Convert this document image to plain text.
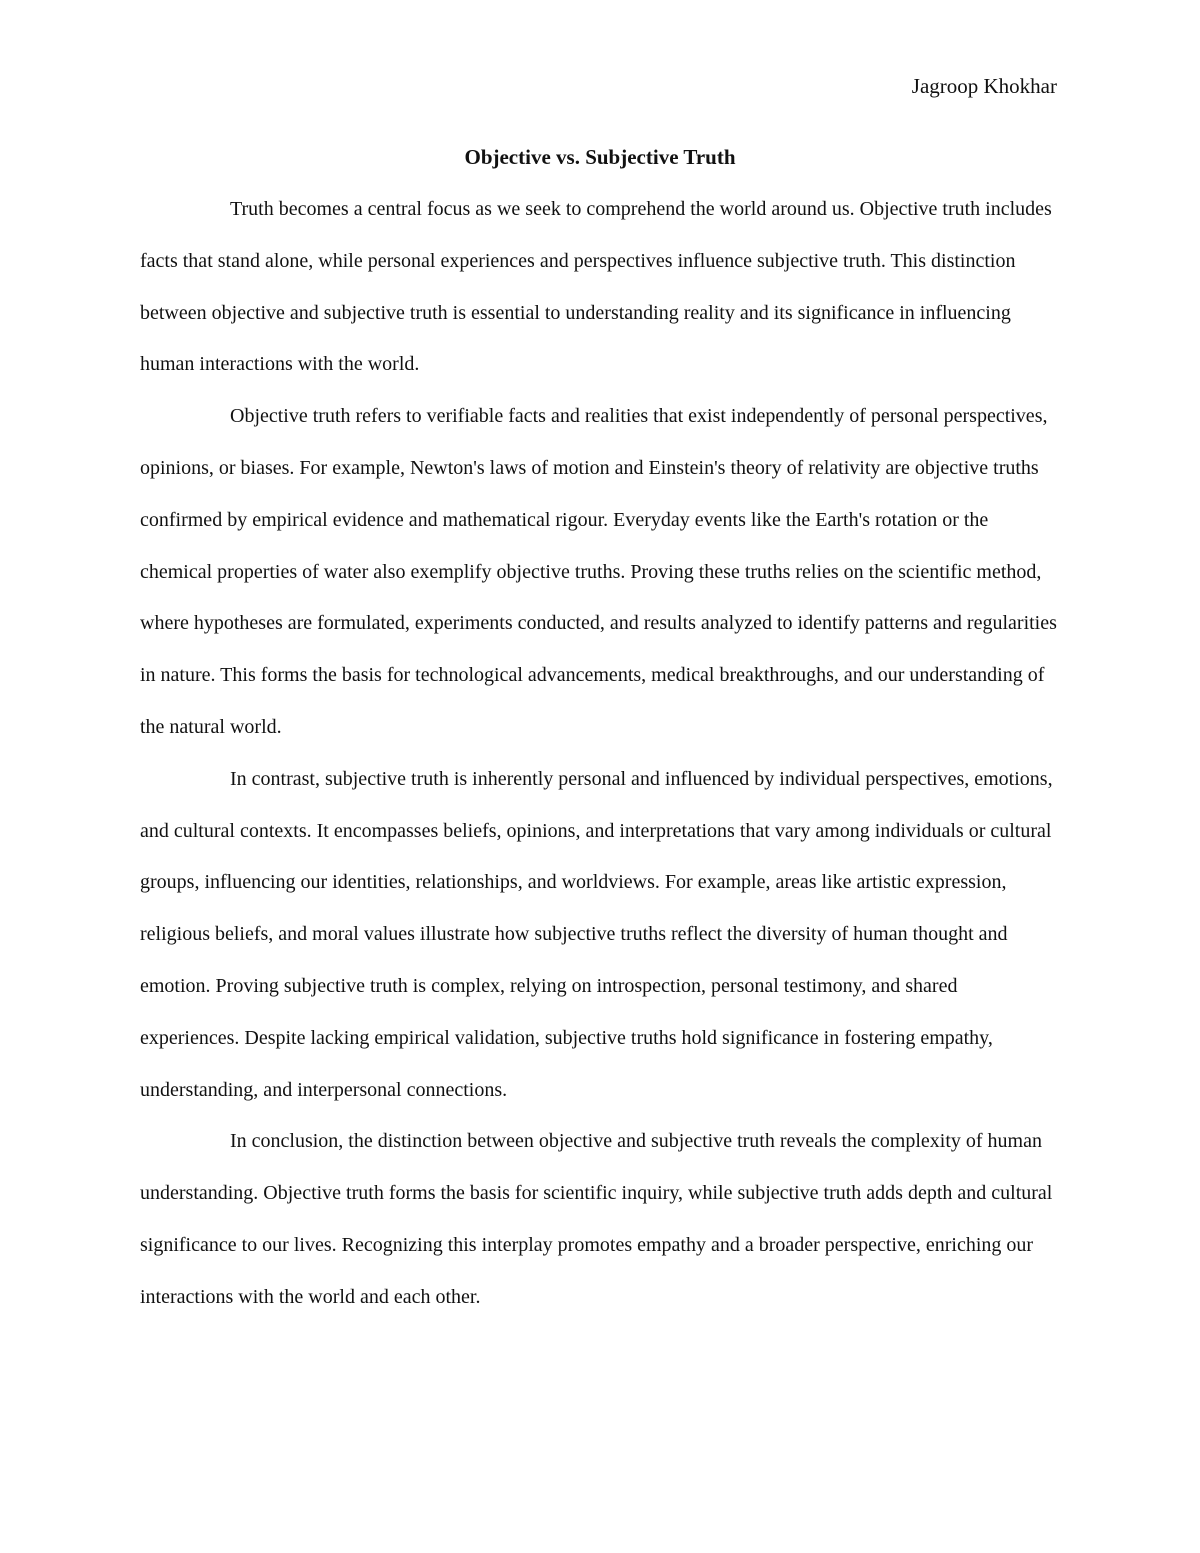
Jagroop Khokhar
Objective vs. Subjective Truth

Truth becomes a central focus as we seek to comprehend the world around us. Objective truth includes facts that stand alone, while personal experiences and perspectives influence subjective truth. This distinction between objective and subjective truth is essential to understanding reality and its significance in influencing human interactions with the world.

Objective truth refers to verifiable facts and realities that exist independently of personal perspectives, opinions, or biases. For example, Newton's laws of motion and Einstein's theory of relativity are objective truths confirmed by empirical evidence and mathematical rigour. Everyday events like the Earth's rotation or the chemical properties of water also exemplify objective truths. Proving these truths relies on the scientific method, where hypotheses are formulated, experiments conducted, and results analyzed to identify patterns and regularities in nature. This forms the basis for technological advancements, medical breakthroughs, and our understanding of the natural world.

In contrast, subjective truth is inherently personal and influenced by individual perspectives, emotions, and cultural contexts. It encompasses beliefs, opinions, and interpretations that vary among individuals or cultural groups, influencing our identities, relationships, and worldviews. For example, areas like artistic expression, religious beliefs, and moral values illustrate how subjective truths reflect the diversity of human thought and emotion. Proving subjective truth is complex, relying on introspection, personal testimony, and shared experiences. Despite lacking empirical validation, subjective truths hold significance in fostering empathy, understanding, and interpersonal connections.

In conclusion, the distinction between objective and subjective truth reveals the complexity of human understanding. Objective truth forms the basis for scientific inquiry, while subjective truth adds depth and cultural significance to our lives. Recognizing this interplay promotes empathy and a broader perspective, enriching our interactions with the world and each other.
